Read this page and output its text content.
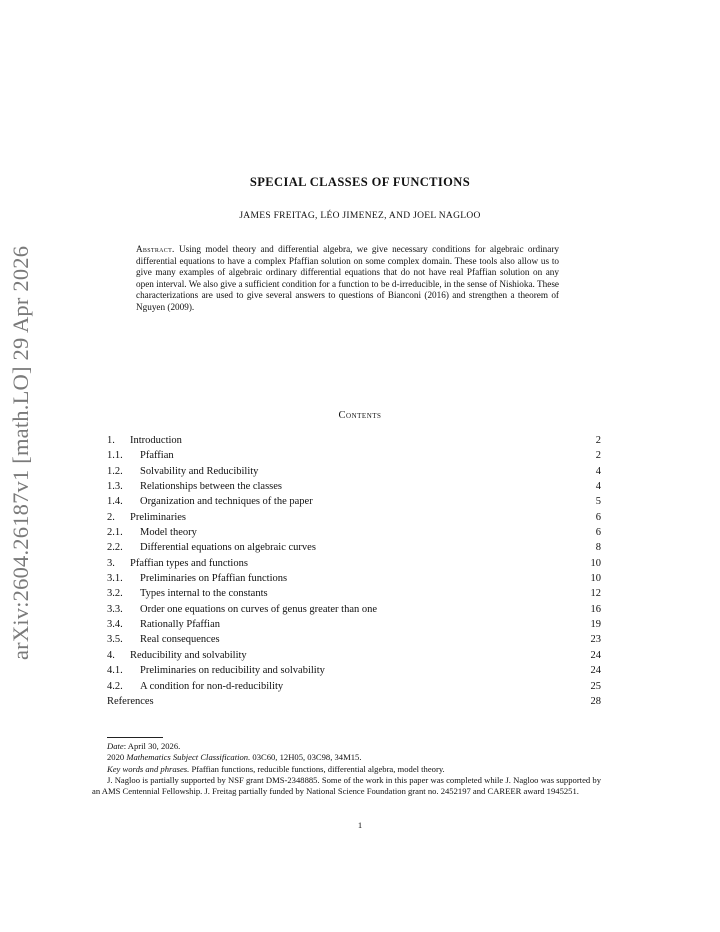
arXiv:2604.26187v1 [math.LO] 29 Apr 2026
SPECIAL CLASSES OF FUNCTIONS
JAMES FREITAG, LÉO JIMENEZ, AND JOEL NAGLOO
Abstract. Using model theory and differential algebra, we give necessary conditions for algebraic ordinary differential equations to have a complex Pfaffian solution on some complex domain. These tools also allow us to give many examples of algebraic ordinary differential equations that do not have real Pfaffian solution on any open interval. We also give a sufficient condition for a function to be d-irreducible, in the sense of Nishioka. These characterizations are used to give several answers to questions of Bianconi (2016) and strengthen a theorem of Nguyen (2009).
Contents
1.	Introduction	2
1.1.	Pfaffian	2
1.2.	Solvability and Reducibility	4
1.3.	Relationships between the classes	4
1.4.	Organization and techniques of the paper	5
2.	Preliminaries	6
2.1.	Model theory	6
2.2.	Differential equations on algebraic curves	8
3.	Pfaffian types and functions	10
3.1.	Preliminaries on Pfaffian functions	10
3.2.	Types internal to the constants	12
3.3.	Order one equations on curves of genus greater than one	16
3.4.	Rationally Pfaffian	19
3.5.	Real consequences	23
4.	Reducibility and solvability	24
4.1.	Preliminaries on reducibility and solvability	24
4.2.	A condition for non-d-reducibility	25
References	28
Date: April 30, 2026.
2020 Mathematics Subject Classification. 03C60, 12H05, 03C98, 34M15.
Key words and phrases. Pfaffian functions, reducible functions, differential algebra, model theory.
J. Nagloo is partially supported by NSF grant DMS-2348885. Some of the work in this paper was completed while J. Nagloo was supported by an AMS Centennial Fellowship. J. Freitag partially funded by National Science Foundation grant no. 2452197 and CAREER award 1945251.
1
